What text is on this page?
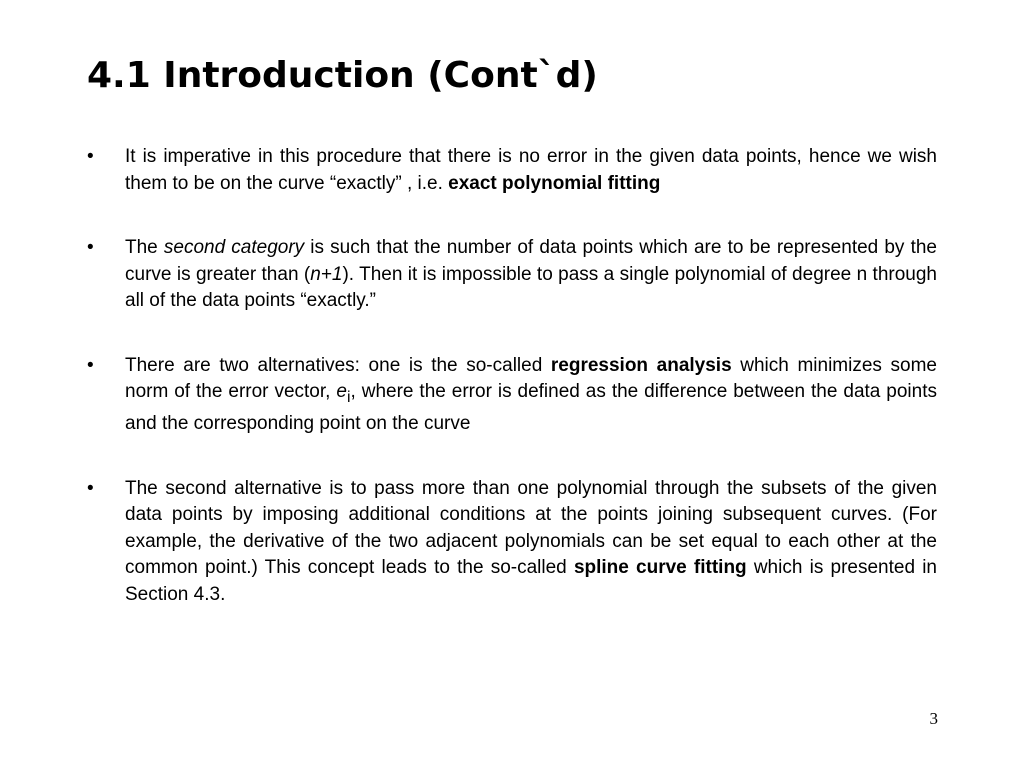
4.1 Introduction (Cont`d)
•	It is imperative in this procedure that there is no error in the given data points, hence we wish them to be on the curve “exactly” , i.e. exact polynomial fitting
•	The second category is such that the number of data points which are to be represented by the curve is greater than (n+1). Then it is impossible to pass a single polynomial of degree n through all of the data points “exactly.”
•	There are two alternatives: one is the so-called regression analysis which minimizes some norm of the error vector, $e_i$, where the error is defined as the difference between the data points and the corresponding point on the curve
•	The second alternative is to pass more than one polynomial through the subsets of the given data points by imposing additional conditions at the points joining subsequent curves. (For example, the derivative of the two adjacent polynomials can be set equal to each other at the common point.) This concept leads to the so-called spline curve fitting which is presented in Section 4.3.
3
